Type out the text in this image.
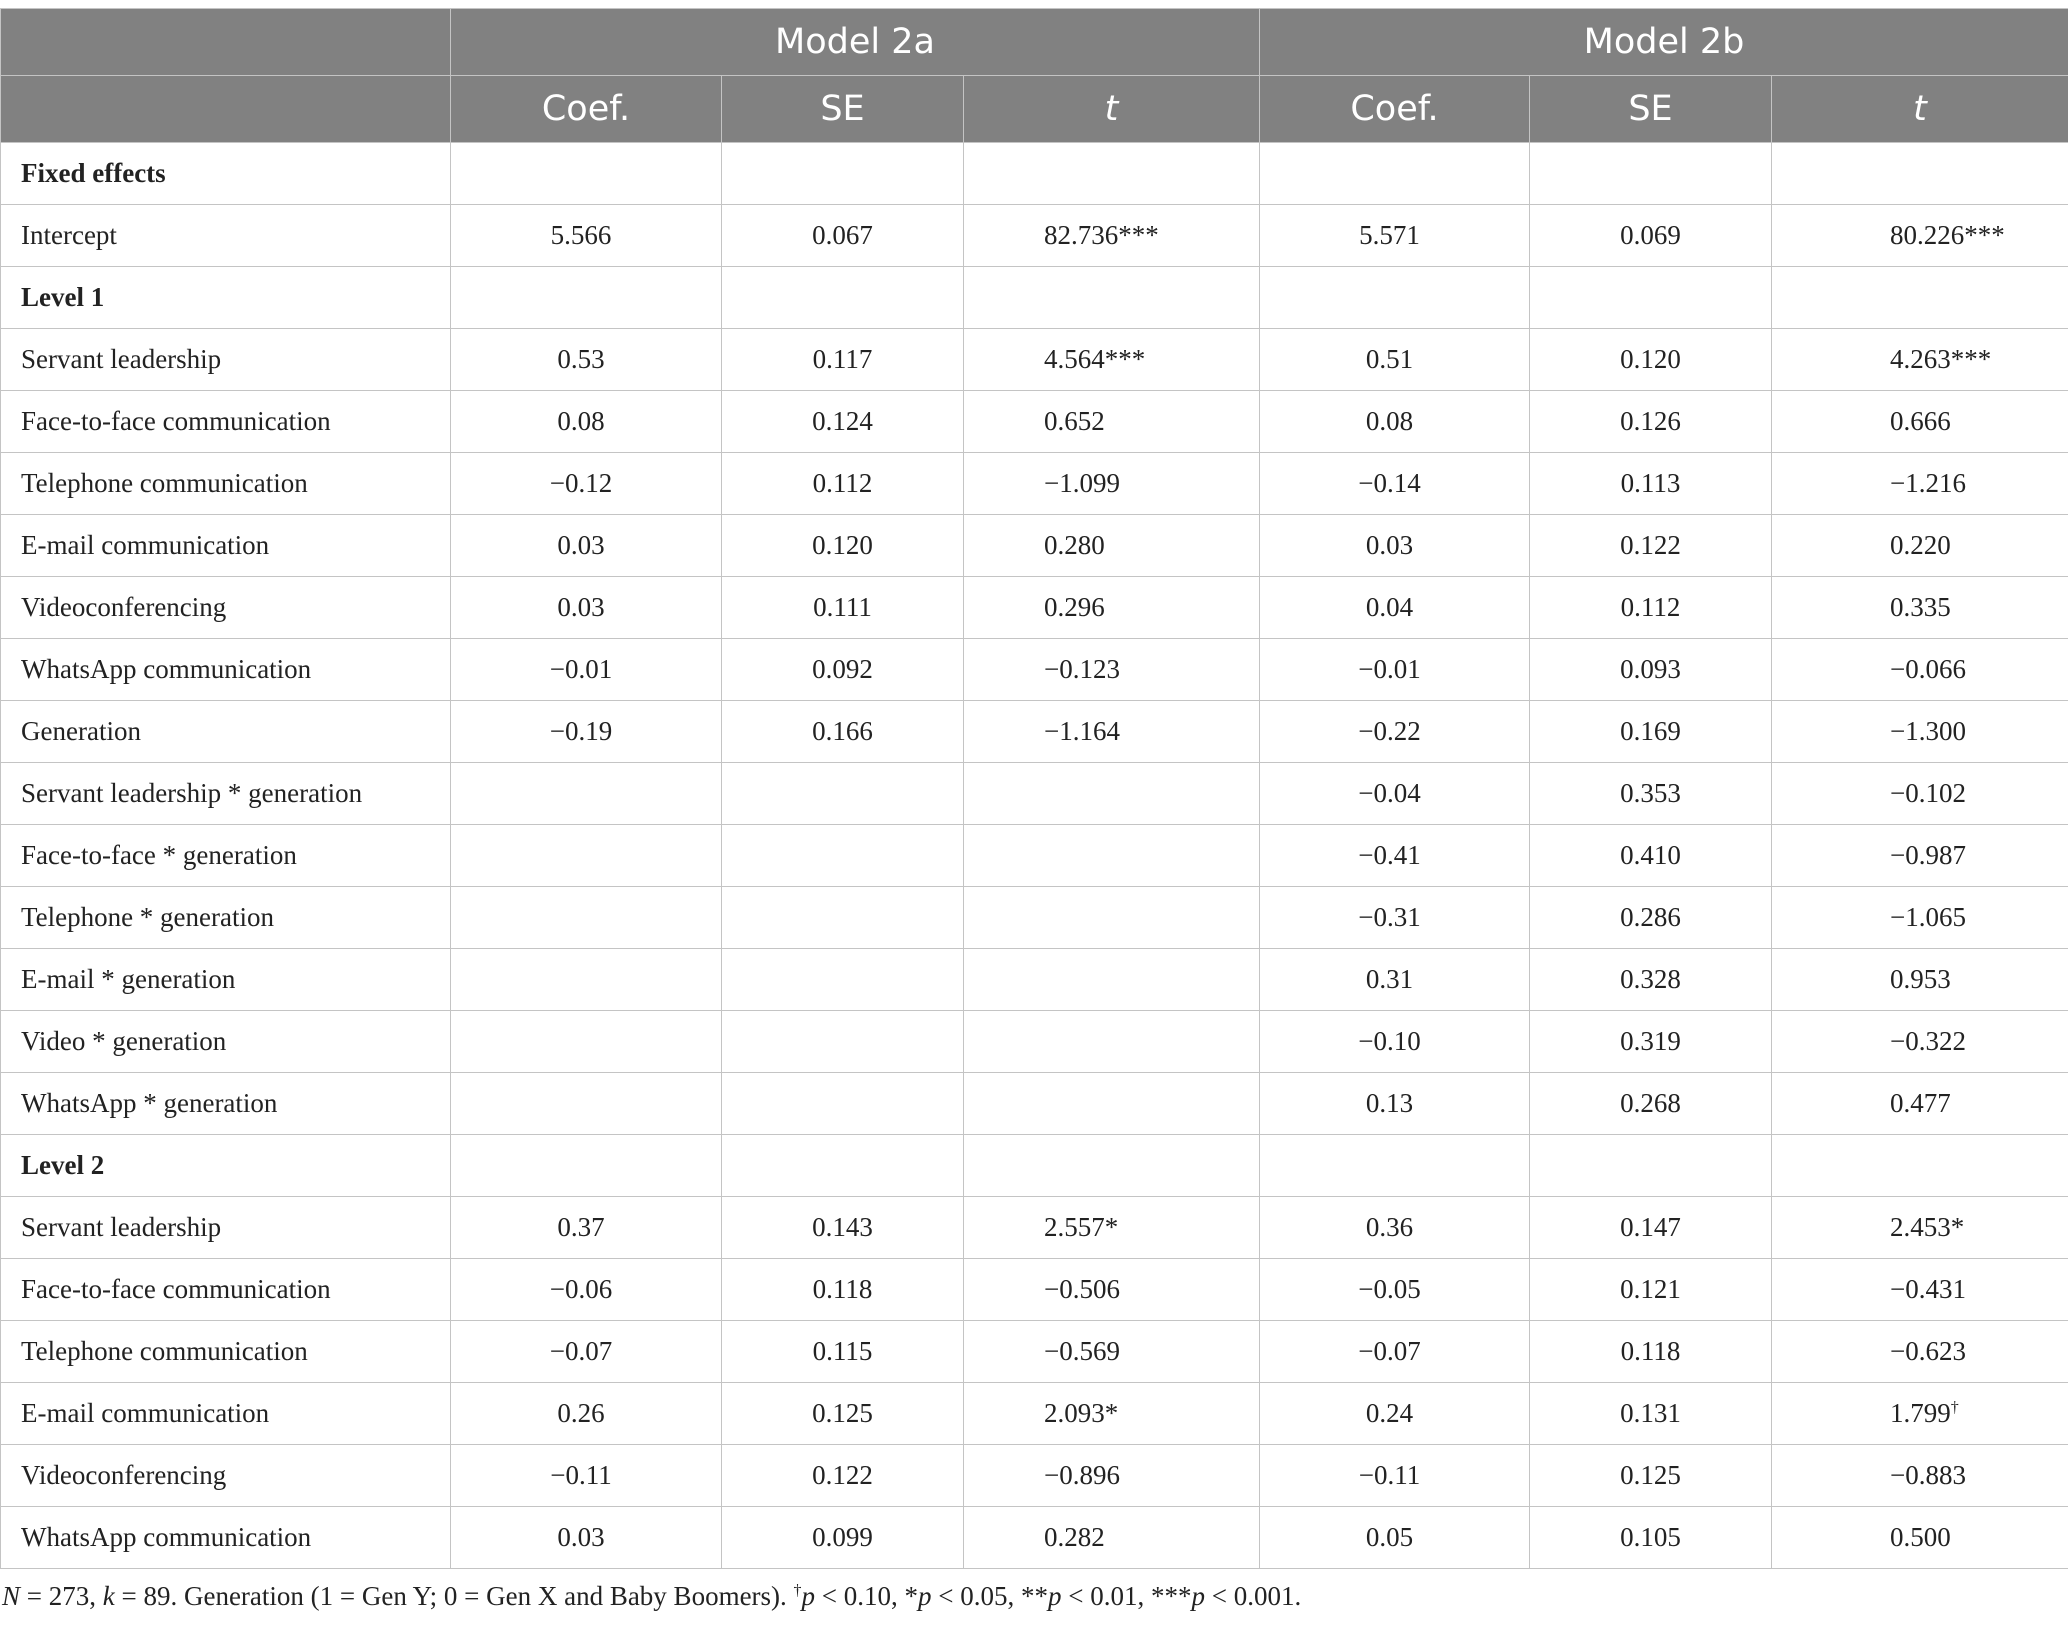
	Model 2a			Model 2b		
	Coef.	SE	t	Coef.	SE	t
Fixed effects						
Intercept	5.566	0.067	82.736***	5.571	0.069	80.226***
Level 1						
Servant leadership	0.53	0.117	4.564***	0.51	0.120	4.263***
Face-to-face communication	0.08	0.124	0.652	0.08	0.126	0.666
Telephone communication	−0.12	0.112	−1.099	−0.14	0.113	−1.216
E-mail communication	0.03	0.120	0.280	0.03	0.122	0.220
Videoconferencing	0.03	0.111	0.296	0.04	0.112	0.335
WhatsApp communication	−0.01	0.092	−0.123	−0.01	0.093	−0.066
Generation	−0.19	0.166	−1.164	−0.22	0.169	−1.300
Servant leadership * generation				−0.04	0.353	−0.102
Face-to-face * generation				−0.41	0.410	−0.987
Telephone * generation				−0.31	0.286	−1.065
E-mail * generation				0.31	0.328	0.953
Video * generation				−0.10	0.319	−0.322
WhatsApp * generation				0.13	0.268	0.477
Level 2						
Servant leadership	0.37	0.143	2.557*	0.36	0.147	2.453*
Face-to-face communication	−0.06	0.118	−0.506	−0.05	0.121	−0.431
Telephone communication	−0.07	0.115	−0.569	−0.07	0.118	−0.623
E-mail communication	0.26	0.125	2.093*	0.24	0.131	1.799†
Videoconferencing	−0.11	0.122	−0.896	−0.11	0.125	−0.883
WhatsApp communication	0.03	0.099	0.282	0.05	0.105	0.500
N = 273, k = 89. Generation (1 = Gen Y; 0 = Gen X and Baby Boomers). †p < 0.10, *p < 0.05, **p < 0.01, ***p < 0.001.
